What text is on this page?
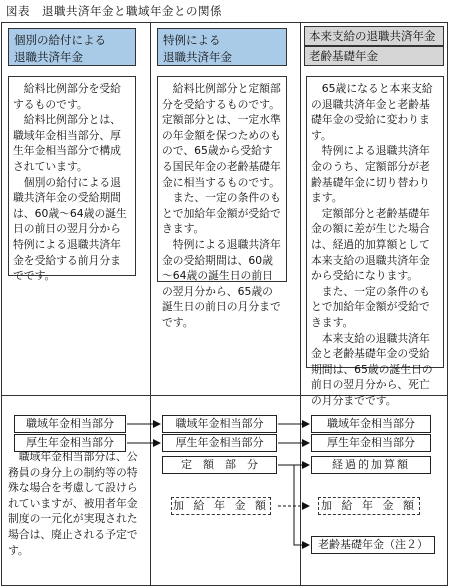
図表　退職共済年金と職域年金との関係
個別の給付による
退職共済年金
特例による
退職共済年金
本来支給の退職共済年金
老齢基礎年金

給料比例部分を受給するものです。

給料比例部分とは、職域年金相当部分、厚生年金相当部分で構成されています。

個別の給付による退職共済年金の受給期間は、60歳～64歳の誕生日の前日の翌月分から特例による退職共済年金を受給する前月分までです。

給料比例部分と定額部分を受給するものです。定額部分とは、一定水準の年金額を保つためのもので、65歳から受給する国民年金の老齢基礎年金に相当するものです。

また、一定の条件のもとで加給年金額が受給できます。

特例による退職共済年金の受給期間は、60歳～64歳の誕生日の前日の翌月分から、65歳の誕生日の前日の月分までです。

65歳になると本来支給の退職共済年金と老齢基礎年金の受給に変わります。

特例による退職共済年金のうち、定額部分が老齢基礎年金に切り替わります。

定額部分と老齢基礎年金の額に差が生じた場合は、経過的加算額として本来支給の退職共済年金から受給になります。

また、一定の条件のもとで加給年金額が受給できます。

本来支給の退職共済年金と老齢基礎年金の受給期間は、65歳の誕生日の前日の翌月分から、死亡の月分までです。

職域年金相当部分
厚生年金相当部分
職域年金相当部分
厚生年金相当部分
定　額　部　分
加 給 年 金 額
職域年金相当部分
厚生年金相当部分
経過的加算額
加 給 年 金 額
老齢基礎年金（注２）

職域年金相当部分は、公務員の身分上の制約等の特殊な場合を考慮して設けられていますが、被用者年金制度の一元化が実現された場合は、廃止される予定です。
